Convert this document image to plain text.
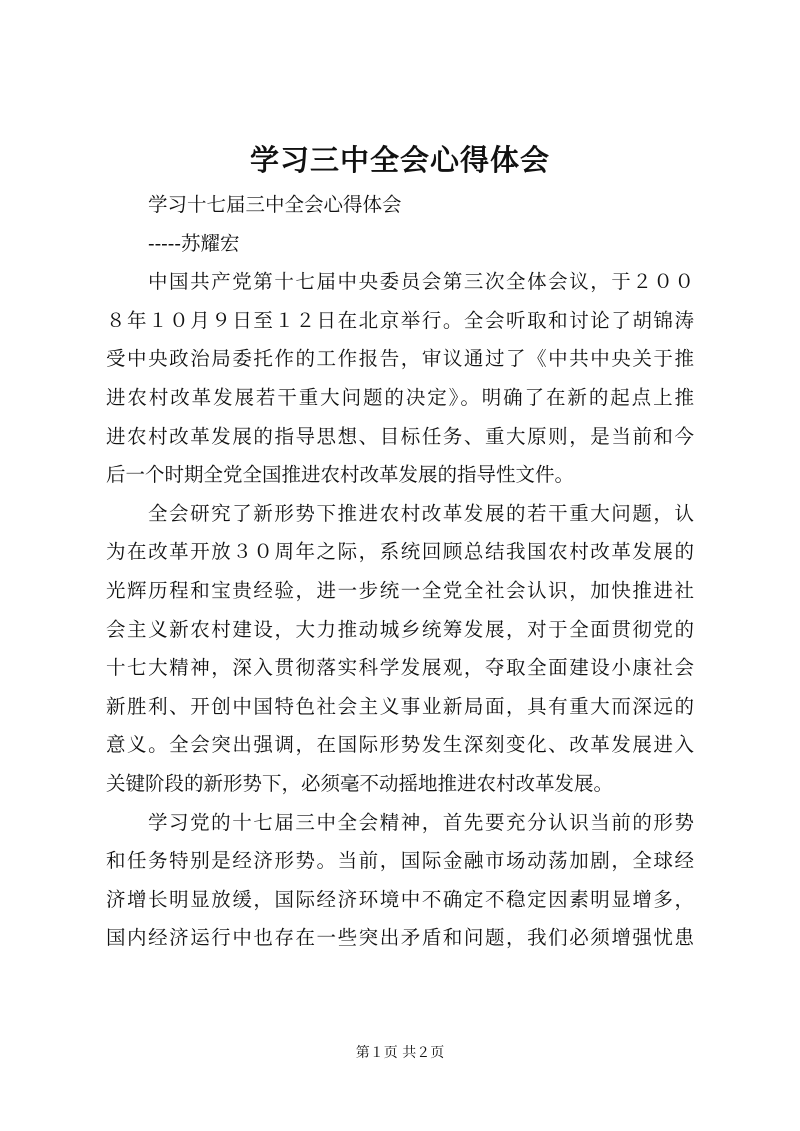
学习三中全会心得体会
学习十七届三中全会心得体会
-----苏耀宏
中国共产党第十七届中央委员会第三次全体会议，于２００
８年１０月９日至１２日在北京举行。全会听取和讨论了胡锦涛
受中央政治局委托作的工作报告，审议通过了《中共中央关于推
进农村改革发展若干重大问题的决定》。明确了在新的起点上推
进农村改革发展的指导思想、目标任务、重大原则，是当前和今
后一个时期全党全国推进农村改革发展的指导性文件。
全会研究了新形势下推进农村改革发展的若干重大问题，认
为在改革开放３０周年之际，系统回顾总结我国农村改革发展的
光辉历程和宝贵经验，进一步统一全党全社会认识，加快推进社
会主义新农村建设，大力推动城乡统筹发展，对于全面贯彻党的
十七大精神，深入贯彻落实科学发展观，夺取全面建设小康社会
新胜利、开创中国特色社会主义事业新局面，具有重大而深远的
意义。全会突出强调，在国际形势发生深刻变化、改革发展进入
关键阶段的新形势下，必须毫不动摇地推进农村改革发展。
学习党的十七届三中全会精神，首先要充分认识当前的形势
和任务特别是经济形势。当前，国际金融市场动荡加剧，全球经
济增长明显放缓，国际经济环境中不确定不稳定因素明显增多，
国内经济运行中也存在一些突出矛盾和问题，我们必须增强忧患
第１页 共２页
